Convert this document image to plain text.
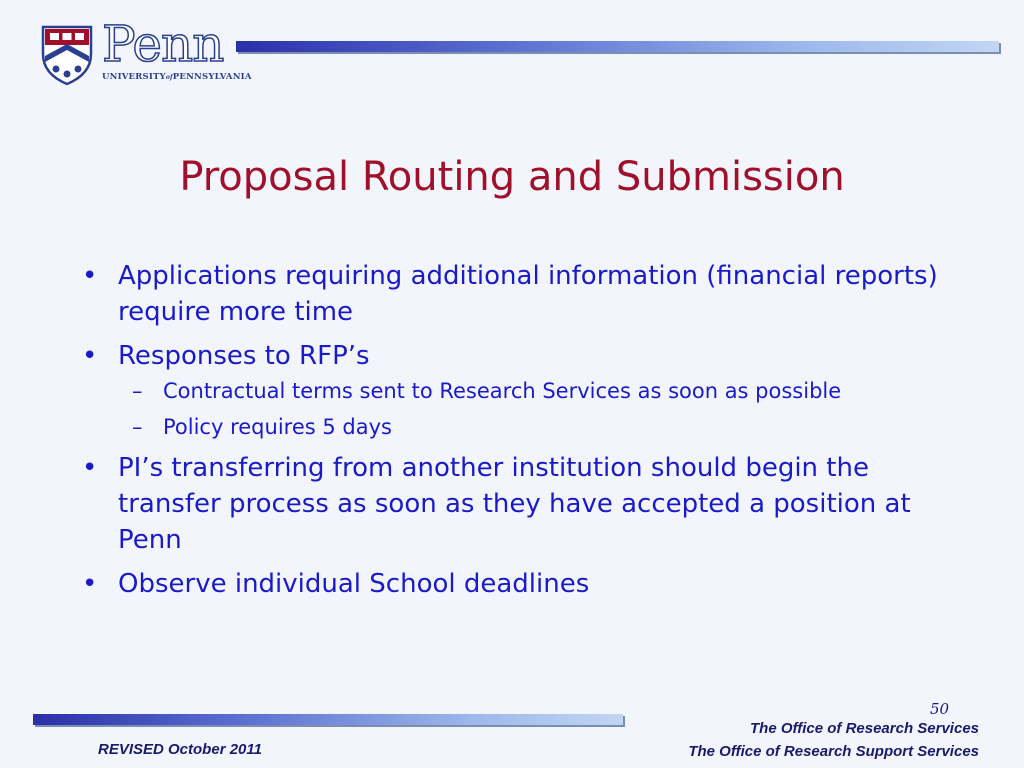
Penn
UNIVERSITYofPENNSYLVANIA
Proposal Routing and Submission
• Applications requiring additional information (financial reports) require more time
• Responses to RFP’s
– Contractual terms sent to Research Services as soon as possible
– Policy requires 5 days
• PI’s transferring from another institution should begin the transfer process as soon as they have accepted a position at Penn
• Observe individual School deadlines
50
The Office of Research Services
The Office of Research Support Services
REVISED October 2011
